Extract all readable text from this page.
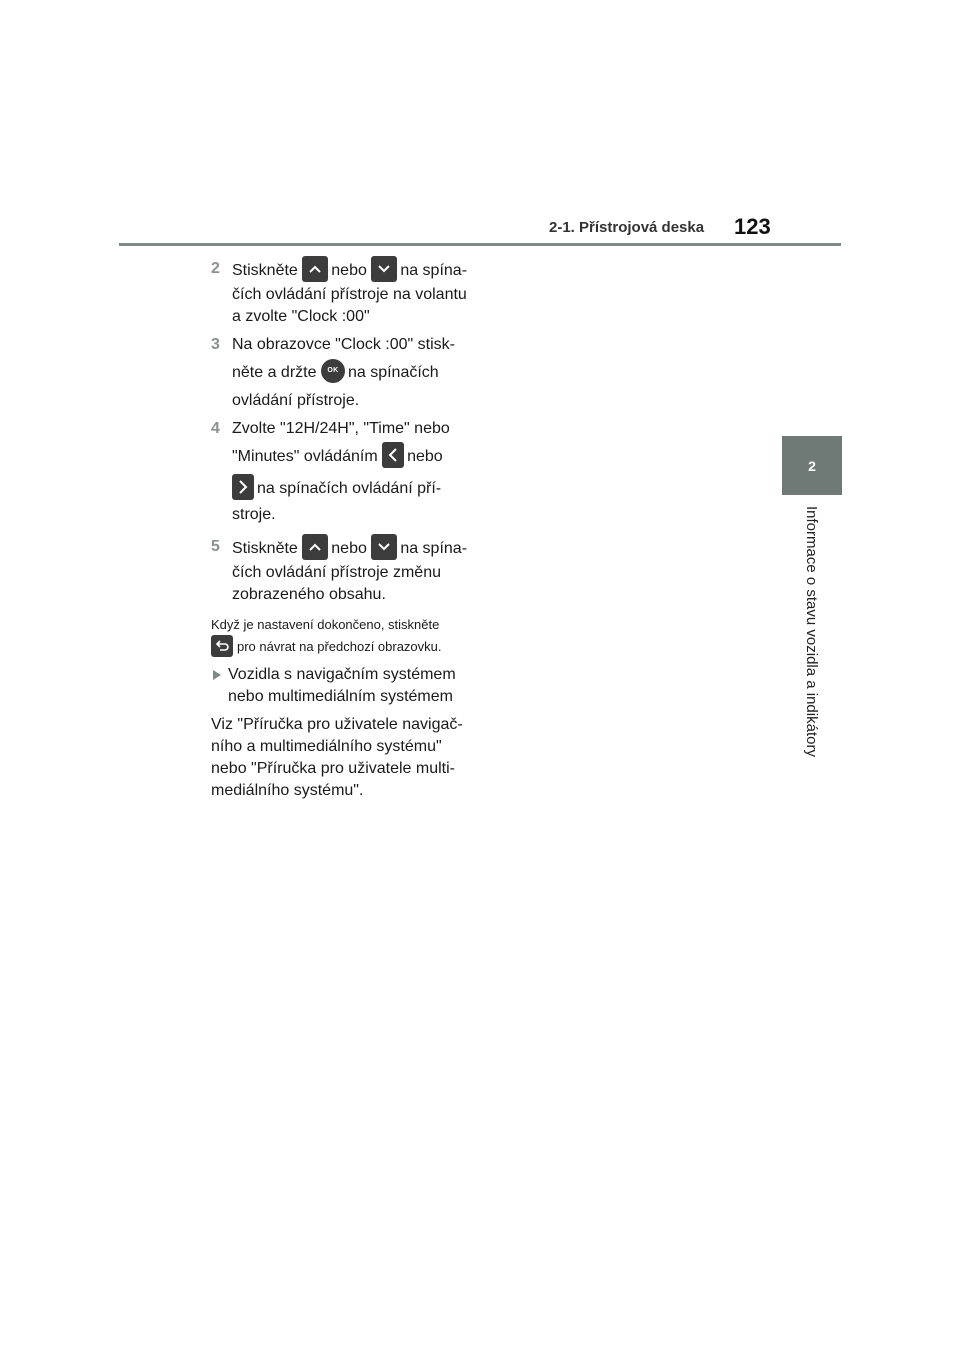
2-1. Přístrojová deska 123
2
Informace o stavu vozidla a indikátory
2 Stiskněte nebo na spína-

čích ovládání přístroje na volantu

a zvolte "Clock :00"

3 Na obrazovce "Clock :00" stisk-

něte a držte OK na spínačích

ovládání přístroje.

4 Zvolte "12H/24H", "Time" nebo

"Minutes" ovládáním nebo

na spínačích ovládání pří-

stroje.

5 Stiskněte nebo na spína-

čích ovládání přístroje změnu

zobrazeného obsahu.

Když je nastavení dokončeno, stiskněte
pro návrat na předchozí obrazovku.

Vozidla s navigačním systémem

nebo multimediálním systémem

Viz "Příručka pro uživatele navigač-

ního a multimediálního systému"

nebo "Příručka pro uživatele multi-

mediálního systému".
